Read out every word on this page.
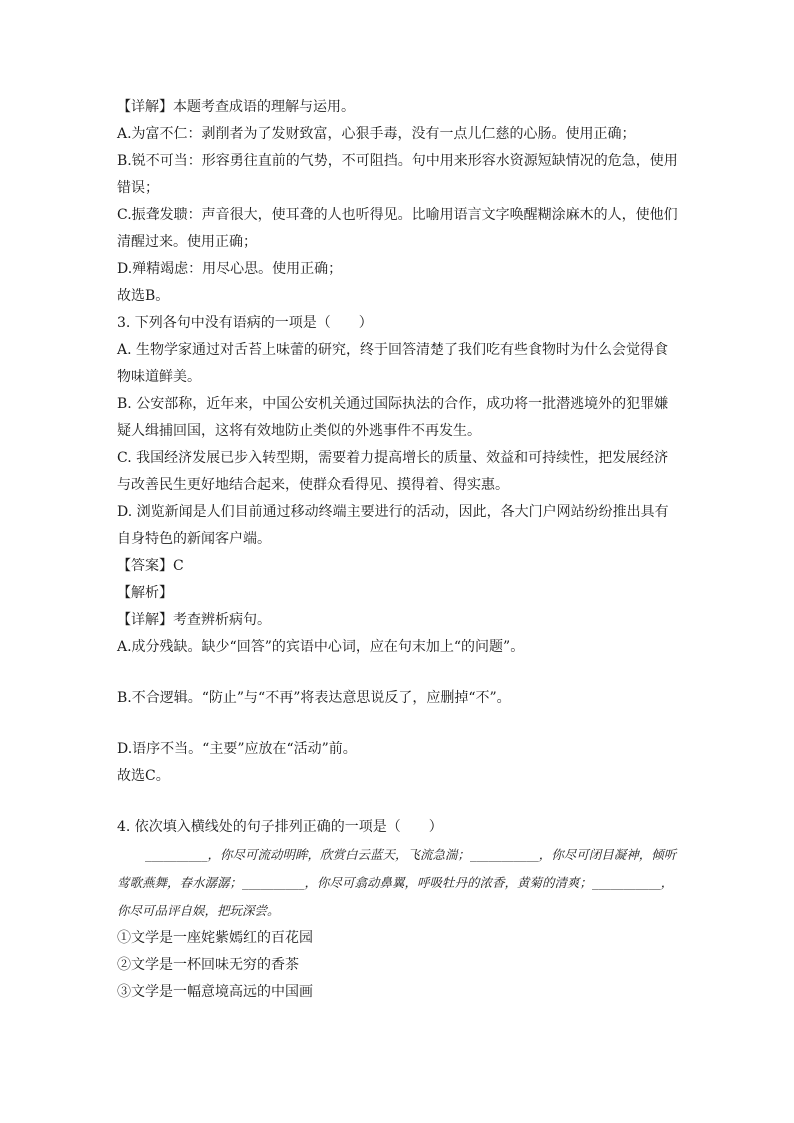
【详解】本题考查成语的理解与运用。

A.为富不仁：剥削者为了发财致富，心狠手毒，没有一点儿仁慈的心肠。使用正确；

B.锐不可当：形容勇往直前的气势，不可阻挡。句中用来形容水资源短缺情况的危急，使用错误；

C.振聋发聩：声音很大，使耳聋的人也听得见。比喻用语言文字唤醒糊涂麻木的人，使他们清醒过来。使用正确；

D.殚精竭虑：用尽心思。使用正确；

故选B。

3. 下列各句中没有语病的一项是（　　）

A. 生物学家通过对舌苔上味蕾的研究，终于回答清楚了我们吃有些食物时为什么会觉得食物味道鲜美。

B. 公安部称，近年来，中国公安机关通过国际执法的合作，成功将一批潜逃境外的犯罪嫌疑人缉捕回国，这将有效地防止类似的外逃事件不再发生。

C. 我国经济发展已步入转型期，需要着力提高增长的质量、效益和可持续性，把发展经济与改善民生更好地结合起来，使群众看得见、摸得着、得实惠。

D. 浏览新闻是人们目前通过移动终端主要进行的活动，因此，各大门户网站纷纷推出具有自身特色的新闻客户端。

【答案】C

【解析】

【详解】考查辨析病句。

A.成分残缺。缺少“回答”的宾语中心词，应在句末加上“的问题”。

B.不合逻辑。“防止”与“不再”将表达意思说反了，应删掉“不”。

D.语序不当。“主要”应放在“活动”前。

故选C。

4. 依次填入横线处的句子排列正确的一项是（　　）

__________，你尽可流动明眸，欣赏白云蓝天，飞流急湍；___________，你尽可闭目凝神，倾听莺歌燕舞，春水潺潺；__________，你尽可翕动鼻翼，呼吸牡丹的浓香，黄菊的清爽；___________，你尽可品评自娱，把玩深尝。

①文学是一座姹紫嫣红的百花园

②文学是一杯回味无穷的香茶

③文学是一幅意境高远的中国画
